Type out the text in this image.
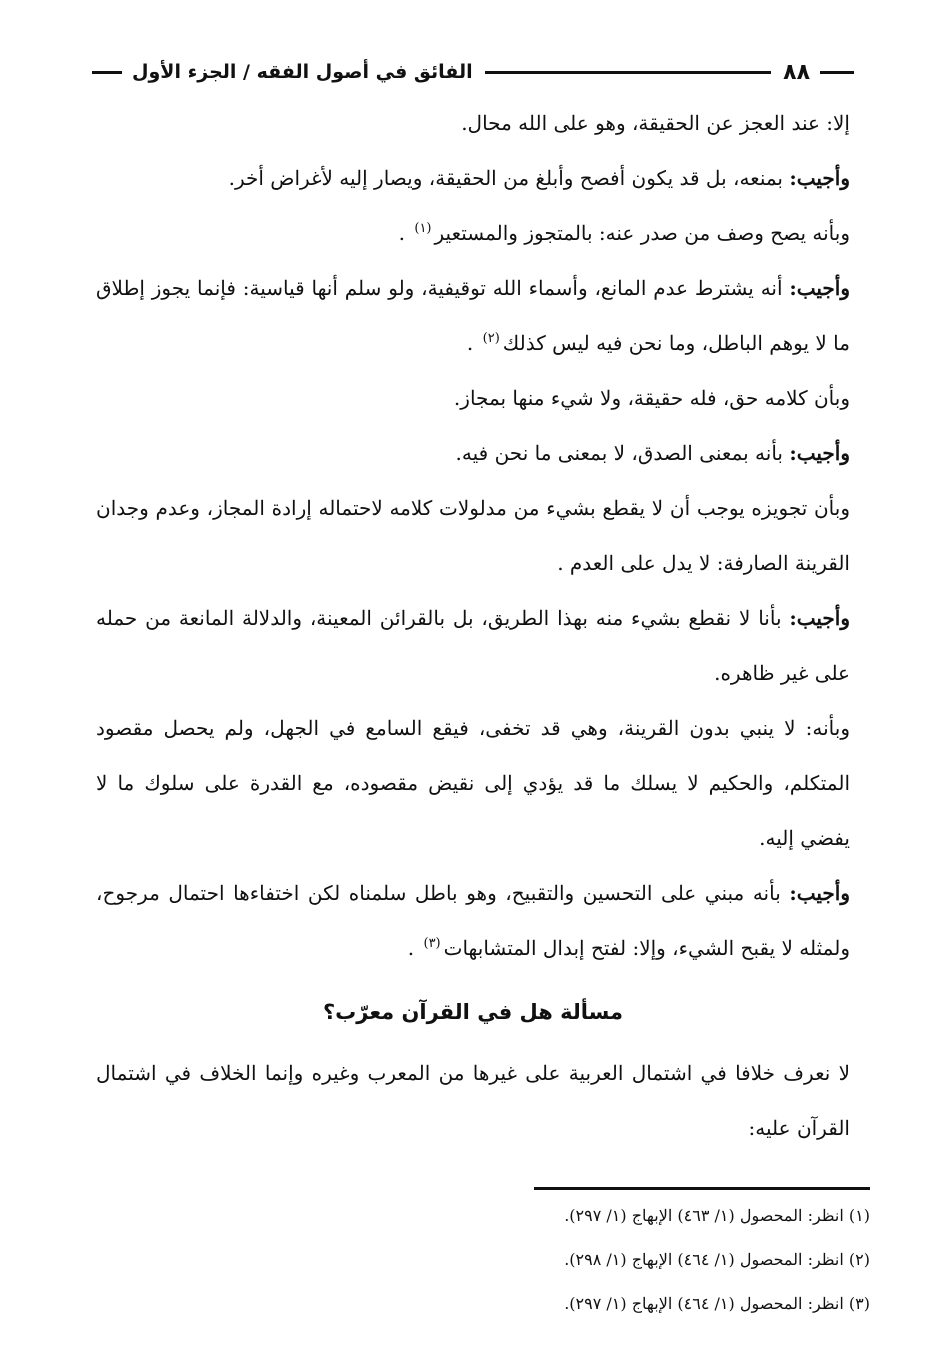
٨٨
الفائق في أصول الفقه / الجزء الأول

إلا: عند العجز عن الحقيقة، وهو على الله محال.

وأجيب: بمنعه، بل قد يكون أفصح وأبلغ من الحقيقة، ويصار إليه لأغراض أخر.

وبأنه يصح وصف من صدر عنه: بالمتجوز والمستعير$^{(١)}$ .

وأجيب: أنه يشترط عدم المانع، وأسماء الله توقيفية، ولو سلم أنها قياسية: فإنما يجوز إطلاق ما لا يوهم الباطل، وما نحن فيه ليس كذلك$^{(٢)}$ .

وبأن كلامه حق، فله حقيقة، ولا شيء منها بمجاز.

وأجيب: بأنه بمعنى الصدق، لا بمعنى ما نحن فيه.

وبأن تجويزه يوجب أن لا يقطع بشيء من مدلولات كلامه لاحتماله إرادة المجاز، وعدم وجدان القرينة الصارفة: لا يدل على العدم .

وأجيب: بأنا لا نقطع بشيء منه بهذا الطريق، بل بالقرائن المعينة، والدلالة المانعة من حمله على غير ظاهره.

وبأنه: لا ينبي بدون القرينة، وهي قد تخفى، فيقع السامع في الجهل، ولم يحصل مقصود المتكلم، والحكيم لا يسلك ما قد يؤدي إلى نقيض مقصوده، مع القدرة على سلوك ما لا يفضي إليه.

وأجيب: بأنه مبني على التحسين والتقبيح، وهو باطل سلمناه لكن اختفاءها احتمال مرجوح، ولمثله لا يقبح الشيء، وإلا: لفتح إبدال المتشابهات$^{(٣)}$ .

مسألة هل في القرآن معرّب؟

لا نعرف خلافا في اشتمال العربية على غيرها من المعرب وغيره وإنما الخلاف في اشتمال القرآن عليه:

(١) انظر: المحصول (١/ ٤٦٣) الإبهاج (١/ ٢٩٧).

(٢) انظر: المحصول (١/ ٤٦٤) الإبهاج (١/ ٢٩٨).

(٣) انظر: المحصول (١/ ٤٦٤) الإبهاج (١/ ٢٩٧).
